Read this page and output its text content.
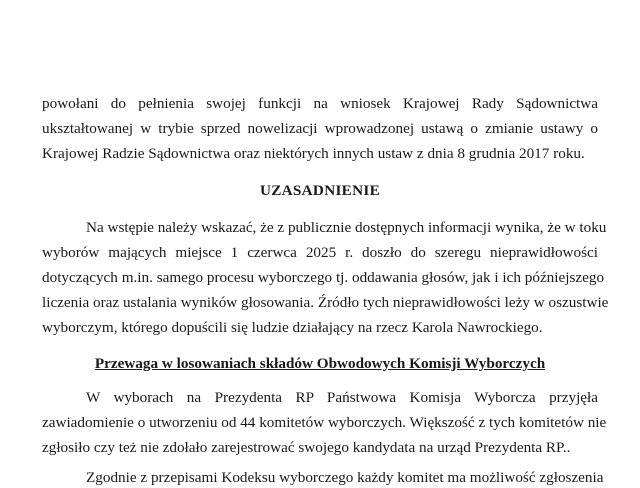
powołani do pełnienia swojej funkcji na wniosek Krajowej Rady Sądownictwa
ukształtowanej w trybie sprzed nowelizacji wprowadzonej ustawą o zmianie ustawy o
Krajowej Radzie Sądownictwa oraz niektórych innych ustaw z dnia 8 grudnia 2017 roku.
UZASADNIENIE
Na wstępie należy wskazać, że z publicznie dostępnych informacji wynika, że w toku
wyborów mających miejsce 1 czerwca 2025 r. doszło do szeregu nieprawidłowości
dotyczących m.in. samego procesu wyborczego tj. oddawania głosów, jak i ich późniejszego
liczenia oraz ustalania wyników głosowania. Źródło tych nieprawidłowości leży w oszustwie
wyborczym, którego dopuścili się ludzie działający na rzecz Karola Nawrockiego.
Przewaga w losowaniach składów Obwodowych Komisji Wyborczych
W wyborach na Prezydenta RP Państwowa Komisja Wyborcza przyjęła
zawiadomienie o utworzeniu od 44 komitetów wyborczych. Większość z tych komitetów nie
zgłosiło czy też nie zdołało zarejestrować swojego kandydata na urząd Prezydenta RP..
Zgodnie z przepisami Kodeksu wyborczego każdy komitet ma możliwość zgłoszenia
